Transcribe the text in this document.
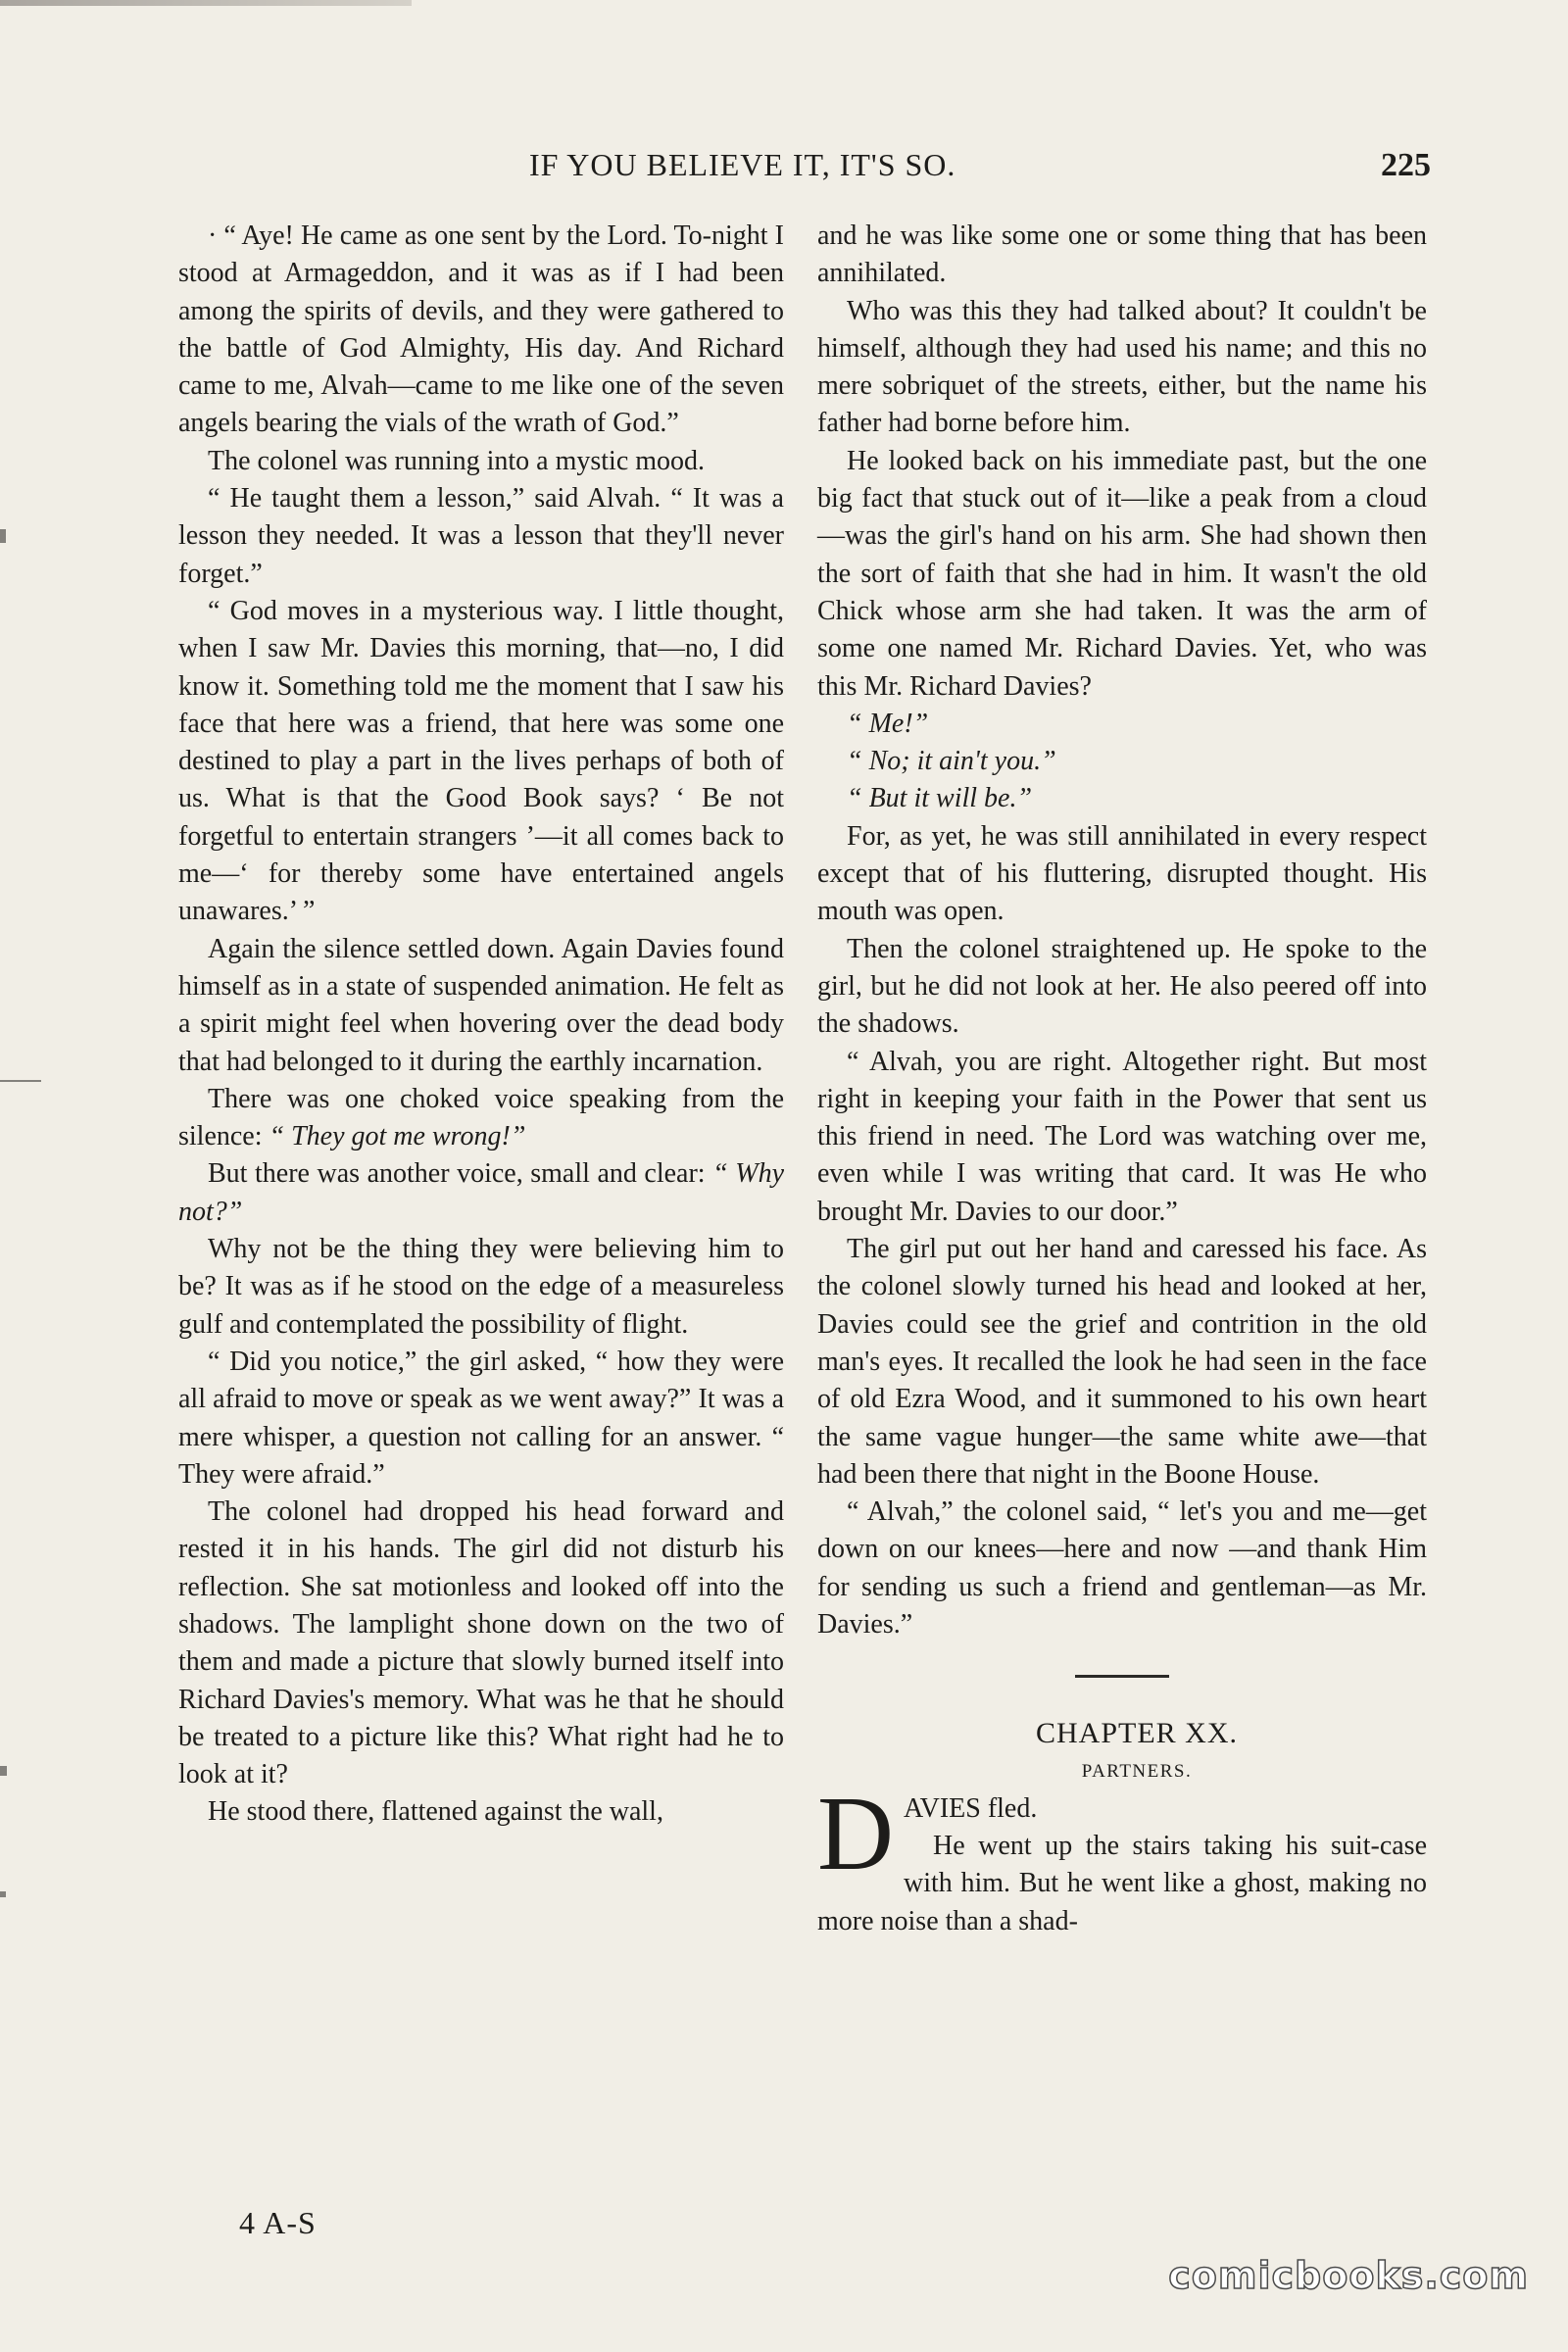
IF YOU BELIEVE IT, IT'S SO.	225

· “ Aye! He came as one sent by the Lord. To-night I stood at Armageddon, and it was as if I had been among the spirits of devils, and they were gathered to the battle of God Almighty, His day. And Richard came to me, Alvah—came to me like one of the seven angels bearing the vials of the wrath of God.”

The colonel was running into a mystic mood.

“ He taught them a lesson,” said Alvah. “ It was a lesson they needed. It was a lesson that they'll never forget.”

“ God moves in a mysterious way. I little thought, when I saw Mr. Davies this morning, that—no, I did know it. Something told me the moment that I saw his face that here was a friend, that here was some one destined to play a part in the lives perhaps of both of us. What is that the Good Book says? ‘ Be not forgetful to entertain strangers ’—it all comes back to me—‘ for thereby some have entertained angels unawares.’ ”

Again the silence settled down. Again Davies found himself as in a state of suspended animation. He felt as a spirit might feel when hovering over the dead body that had belonged to it during the earthly incarnation.

There was one choked voice speaking from the silence: “ They got me wrong!”

But there was another voice, small and clear: “ Why not?”

Why not be the thing they were believing him to be? It was as if he stood on the edge of a measureless gulf and contemplated the possibility of flight.

“ Did you notice,” the girl asked, “ how they were all afraid to move or speak as we went away?” It was a mere whisper, a question not calling for an answer. “ They were afraid.”

The colonel had dropped his head forward and rested it in his hands. The girl did not disturb his reflection. She sat motionless and looked off into the shadows. The lamplight shone down on the two of them and made a picture that slowly burned itself into Richard Davies's memory. What was he that he should be treated to a picture like this? What right had he to look at it?

He stood there, flattened against the wall,

and he was like some one or some thing that has been annihilated.

Who was this they had talked about? It couldn't be himself, although they had used his name; and this no mere sobriquet of the streets, either, but the name his father had borne before him.

He looked back on his immediate past, but the one big fact that stuck out of it—like a peak from a cloud—was the girl's hand on his arm. She had shown then the sort of faith that she had in him. It wasn't the old Chick whose arm she had taken. It was the arm of some one named Mr. Richard Davies. Yet, who was this Mr. Richard Davies?

“ Me!”

“ No; it ain't you.”

“ But it will be.”

For, as yet, he was still annihilated in every respect except that of his fluttering, disrupted thought. His mouth was open.

Then the colonel straightened up. He spoke to the girl, but he did not look at her. He also peered off into the shadows.

“ Alvah, you are right. Altogether right. But most right in keeping your faith in the Power that sent us this friend in need. The Lord was watching over me, even while I was writing that card. It was He who brought Mr. Davies to our door.”

The girl put out her hand and caressed his face. As the colonel slowly turned his head and looked at her, Davies could see the grief and contrition in the old man's eyes. It recalled the look he had seen in the face of old Ezra Wood, and it summoned to his own heart the same vague hunger—the same white awe—that had been there that night in the Boone House.

“ Alvah,” the colonel said, “ let's you and me—get down on our knees—here and now —and thank Him for sending us such a friend and gentleman—as Mr. Davies.”

CHAPTER XX.

PARTNERS.

DAVIES fled.
He went up the stairs taking his suit-case with him. But he went like a ghost, making no more noise than a shad-

4 A-S
comicbooks.com
